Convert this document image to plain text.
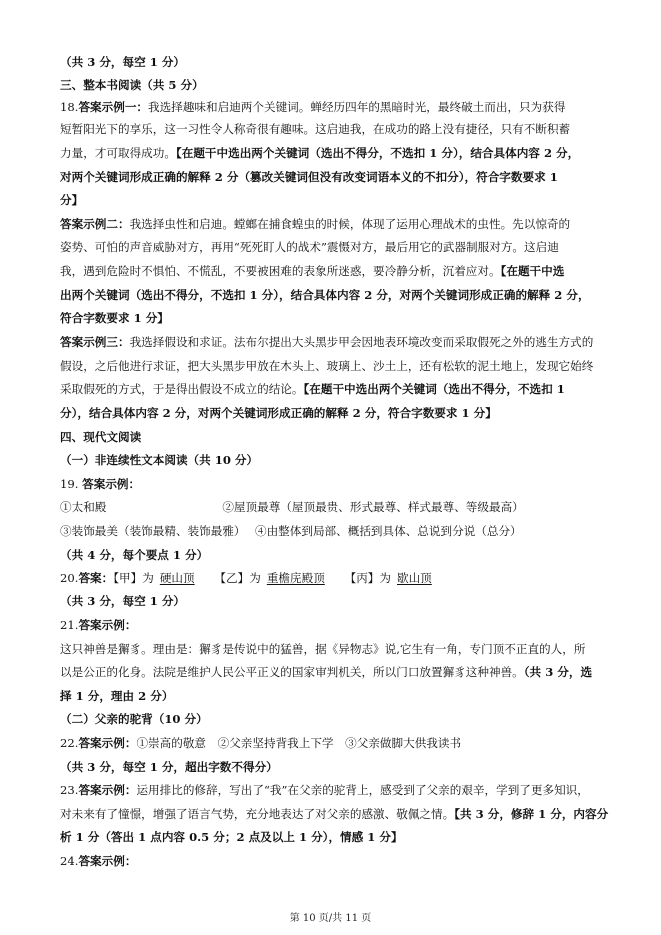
（共 3 分，每空 1 分）
三、整本书阅读（共 5 分）
18.答案示例一：我选择趣味和启迪两个关键词。蝉经历四年的黑暗时光，最终破土而出，只为获得
短暂阳光下的享乐，这一习性令人称奇很有趣味。这启迪我，在成功的路上没有捷径，只有不断积蓄
力量，才可取得成功。【在题干中选出两个关键词（选出不得分，不选扣 1 分），结合具体内容 2 分，
对两个关键词形成正确的解释 2 分（篡改关键词但没有改变词语本义的不扣分），符合字数要求 1
分】
答案示例二：我选择虫性和启迪。螳螂在捕食蝗虫的时候，体现了运用心理战术的虫性。先以惊奇的
姿势、可怕的声音威胁对方，再用“死死盯人的战术”震慑对方，最后用它的武器制服对方。这启迪
我，遇到危险时不惧怕、不慌乱，不要被困难的表象所迷惑，要冷静分析，沉着应对。【在题干中选
出两个关键词（选出不得分，不选扣 1 分），结合具体内容 2 分，对两个关键词形成正确的解释 2 分，
符合字数要求 1 分】
答案示例三：我选择假设和求证。法布尔提出大头黑步甲会因地表环境改变而采取假死之外的逃生方式的
假设，之后他进行求证，把大头黑步甲放在木头上、玻璃上、沙土上，还有松软的泥土地上，发现它始终
采取假死的方式，于是得出假设不成立的结论。【在题干中选出两个关键词（选出不得分，不选扣 1
分），结合具体内容 2 分，对两个关键词形成正确的解释 2 分，符合字数要求 1 分】
四、现代文阅读
（一）非连续性文本阅读（共 10 分）
19. 答案示例：
①太和殿　　　　　　　　　　②屋顶最尊（屋顶最贵、形式最尊、样式最尊、等级最高）
③装饰最美（装饰最精、装饰最雅）　 ④由整体到局部、概括到具体、总说到分说（总分）
（共 4 分，每个要点 1 分）
20.答案：【甲】为 硬山顶　 【乙】为 重檐庑殿顶　 【丙】为 歇山顶
（共 3 分，每空 1 分）
21.答案示例：
这只神兽是獬豸。理由是：獬豸是传说中的猛兽，据《异物志》说,它生有一角，专门顶不正直的人，所
以是公正的化身。法院是维护人民公平正义的国家审判机关，所以门口放置獬豸这种神兽。（共 3 分，选
择 1 分，理由 2 分）
（二）父亲的驼背（10 分）
22.答案示例：①崇高的敬意　②父亲坚持背我上下学　③父亲做脚大供我读书
（共 3 分，每空 1 分，超出字数不得分）
23.答案示例：运用排比的修辞，写出了“我”在父亲的驼背上，感受到了父亲的艰辛，学到了更多知识，
对未来有了憧憬，增强了语言气势，充分地表达了对父亲的感激、敬佩之情。【共 3 分，修辞 1 分，内容分
析 1 分（答出 1 点内容 0.5 分；2 点及以上 1 分），情感 1 分】
24.答案示例：
第 10 页/共 11 页
